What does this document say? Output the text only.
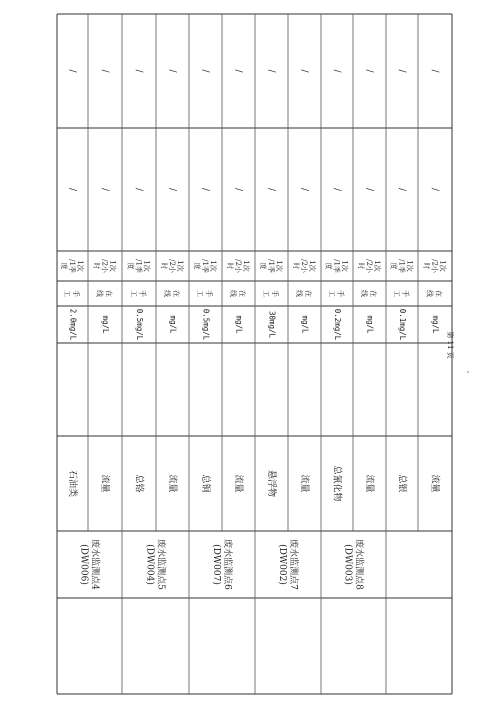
/
/
1次/1季度
手工
2.0mg/L
石油类
/
/
1次/2小时
在线
mg/L
流量
废水监测点4(DW006)
/
/
1次/1季度
手工
0.5mg/L
总铬
/
/
1次/2小时
在线
mg/L
流量
废水监测点5(DW004)
/
/
1次/1季度
手工
0.5mg/L
总铜
/
/
1次/2小时
在线
mg/L
流量
废水监测点6(DW007)
/
/
1次/1季度
手工
30mg/L
悬浮物
/
/
1次/2小时
在线
mg/L
流量
废水监测点7(DW002)
/
/
1次/1季度
手工
0.2mg/L
总氰化物
/
/
1次/2小时
在线
mg/L
流量
废水监测点8(DW003)
/
/
1次/1季度
手工
0.1mg/L
总银
/
/
1次/2小时
在线
mg/L
流量
第 11 页
